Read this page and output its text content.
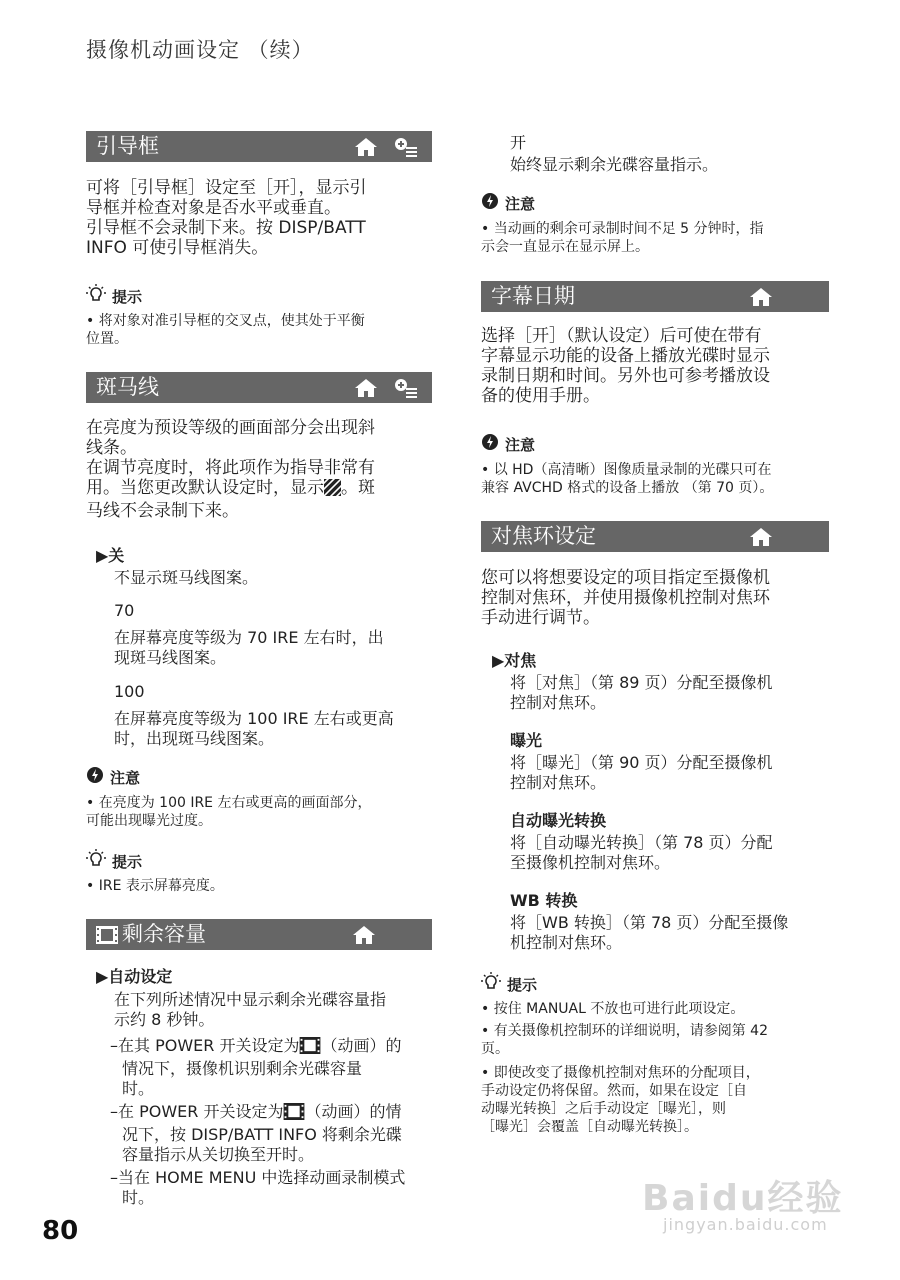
摄像机动画设定 （续）
引导框
可将［引导框］设定至［开］，显示引
导框并检查对象是否水平或垂直。
引导框不会录制下来。按 DISP/BATT
INFO 可使引导框消失。
提示
• 将对象对准引导框的交叉点，使其处于平衡
位置。
斑马线
在亮度为预设等级的画面部分会出现斜
线条。
在调节亮度时，将此项作为指导非常有
用。当您更改默认设定时，显示 。斑
马线不会录制下来。
▶关
不显示斑马线图案。
70
在屏幕亮度等级为 70 IRE 左右时，出
现斑马线图案。
100
在屏幕亮度等级为 100 IRE 左右或更高
时，出现斑马线图案。
注意
• 在亮度为 100 IRE 左右或更高的画面部分，
可能出现曝光过度。
提示
• IRE 表示屏幕亮度。
剩余容量
▶自动设定
在下列所述情况中显示剩余光碟容量指
示约 8 秒钟。
–在其 POWER 开关设定为 （动画）的
情况下，摄像机识别剩余光碟容量
时。
–在 POWER 开关设定为 （动画）的情
况下，按 DISP/BATT INFO 将剩余光碟
容量指示从关切换至开时。
–当在 HOME MENU 中选择动画录制模式
时。
开
始终显示剩余光碟容量指示。
注意
• 当动画的剩余可录制时间不足 5 分钟时，指
示会一直显示在显示屏上。
字幕日期
选择［开］（默认设定）后可使在带有
字幕显示功能的设备上播放光碟时显示
录制日期和时间。另外也可参考播放设
备的使用手册。
注意
• 以 HD（高清晰）图像质量录制的光碟只可在
兼容 AVCHD 格式的设备上播放 （第 70 页）。
对焦环设定
您可以将想要设定的项目指定至摄像机
控制对焦环，并使用摄像机控制对焦环
手动进行调节。
▶对焦
将［对焦］（第 89 页）分配至摄像机
控制对焦环。
曝光
将［曝光］（第 90 页）分配至摄像机
控制对焦环。
自动曝光转换
将［自动曝光转换］（第 78 页）分配
至摄像机控制对焦环。
WB 转换
将［WB 转换］（第 78 页）分配至摄像
机控制对焦环。
提示
• 按住 MANUAL 不放也可进行此项设定。
• 有关摄像机控制环的详细说明，请参阅第 42
页。
• 即使改变了摄像机控制对焦环的分配项目，
手动设定仍将保留。然而，如果在设定［自
动曝光转换］之后手动设定［曝光］，则
［曝光］会覆盖［自动曝光转换］。
80
Baidu经验
jingyan.baidu.com
